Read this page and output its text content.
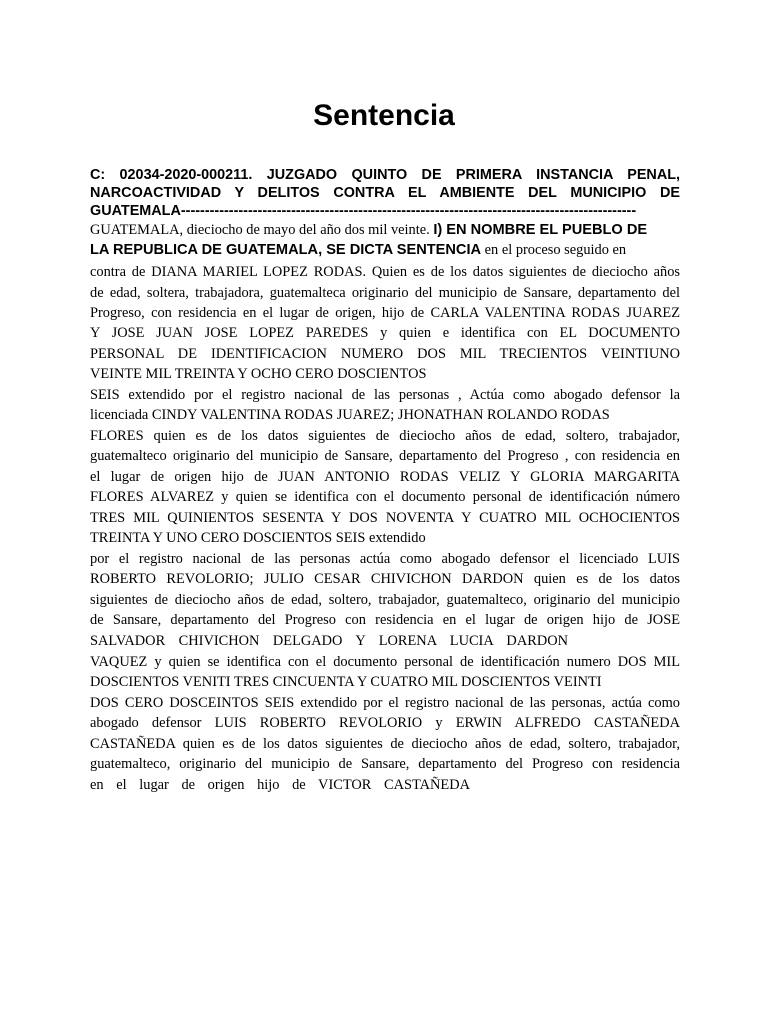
Sentencia
C: 02034-2020-000211. JUZGADO QUINTO DE PRIMERA INSTANCIA PENAL,
NARCOACTIVIDAD Y DELITOS CONTRA EL AMBIENTE DEL MUNICIPIO DE
GUATEMALA-----------------------------------------------------------------------------------------------
GUATEMALA, dieciocho de mayo del año dos mil veinte. I) EN NOMBRE EL PUEBLO DE
LA REPUBLICA DE GUATEMALA, SE DICTA SENTENCIA en el proceso seguido en
contra de DIANA MARIEL LOPEZ RODAS. Quien es de los datos siguientes de dieciocho años
de edad, soltera, trabajadora, guatemalteca originario del municipio de Sansare, departamento del
Progreso, con residencia en el lugar de origen, hijo de CARLA VALENTINA RODAS JUAREZ
Y JOSE JUAN JOSE LOPEZ PAREDES y quien e identifica con EL DOCUMENTO
PERSONAL DE IDENTIFICACION NUMERO DOS MIL TRECIENTOS VEINTIUNO
VEINTE MIL TREINTA Y OCHO CERO DOSCIENTOS
SEIS extendido por el registro nacional de las personas , Actúa como abogado defensor la
licenciada CINDY VALENTINA RODAS JUAREZ; JHONATHAN ROLANDO RODAS
FLORES quien es de los datos siguientes de dieciocho años de edad, soltero, trabajador,
guatemalteco originario del municipio de Sansare, departamento del Progreso , con residencia en
el lugar de origen hijo de JUAN ANTONIO RODAS VELIZ Y GLORIA MARGARITA
FLORES ALVAREZ y quien se identifica con el documento personal de identificación número
TRES MIL QUINIENTOS SESENTA Y DOS NOVENTA Y CUATRO MIL OCHOCIENTOS
TREINTA Y UNO CERO DOSCIENTOS SEIS extendido
por el registro nacional de las personas actúa como abogado defensor el licenciado LUIS
ROBERTO REVOLORIO; JULIO CESAR CHIVICHON DARDON quien es de los datos
siguientes de dieciocho años de edad, soltero, trabajador, guatemalteco, originario del municipio
de Sansare, departamento del Progreso con residencia en el lugar de origen hijo de JOSE
SALVADOR CHIVICHON DELGADO Y LORENA LUCIA DARDON
VAQUEZ y quien se identifica con el documento personal de identificación numero DOS MIL
DOSCIENTOS VENITI TRES CINCUENTA Y CUATRO MIL DOSCIENTOS VEINTI
DOS CERO DOSCEINTOS SEIS extendido por el registro nacional de las personas, actúa como
abogado defensor LUIS ROBERTO REVOLORIO y ERWIN ALFREDO CASTAÑEDA
CASTAÑEDA quien es de los datos siguientes de dieciocho años de edad, soltero, trabajador,
guatemalteco, originario del municipio de Sansare, departamento del Progreso con residencia
en el lugar de origen hijo de VICTOR CASTAÑEDA
